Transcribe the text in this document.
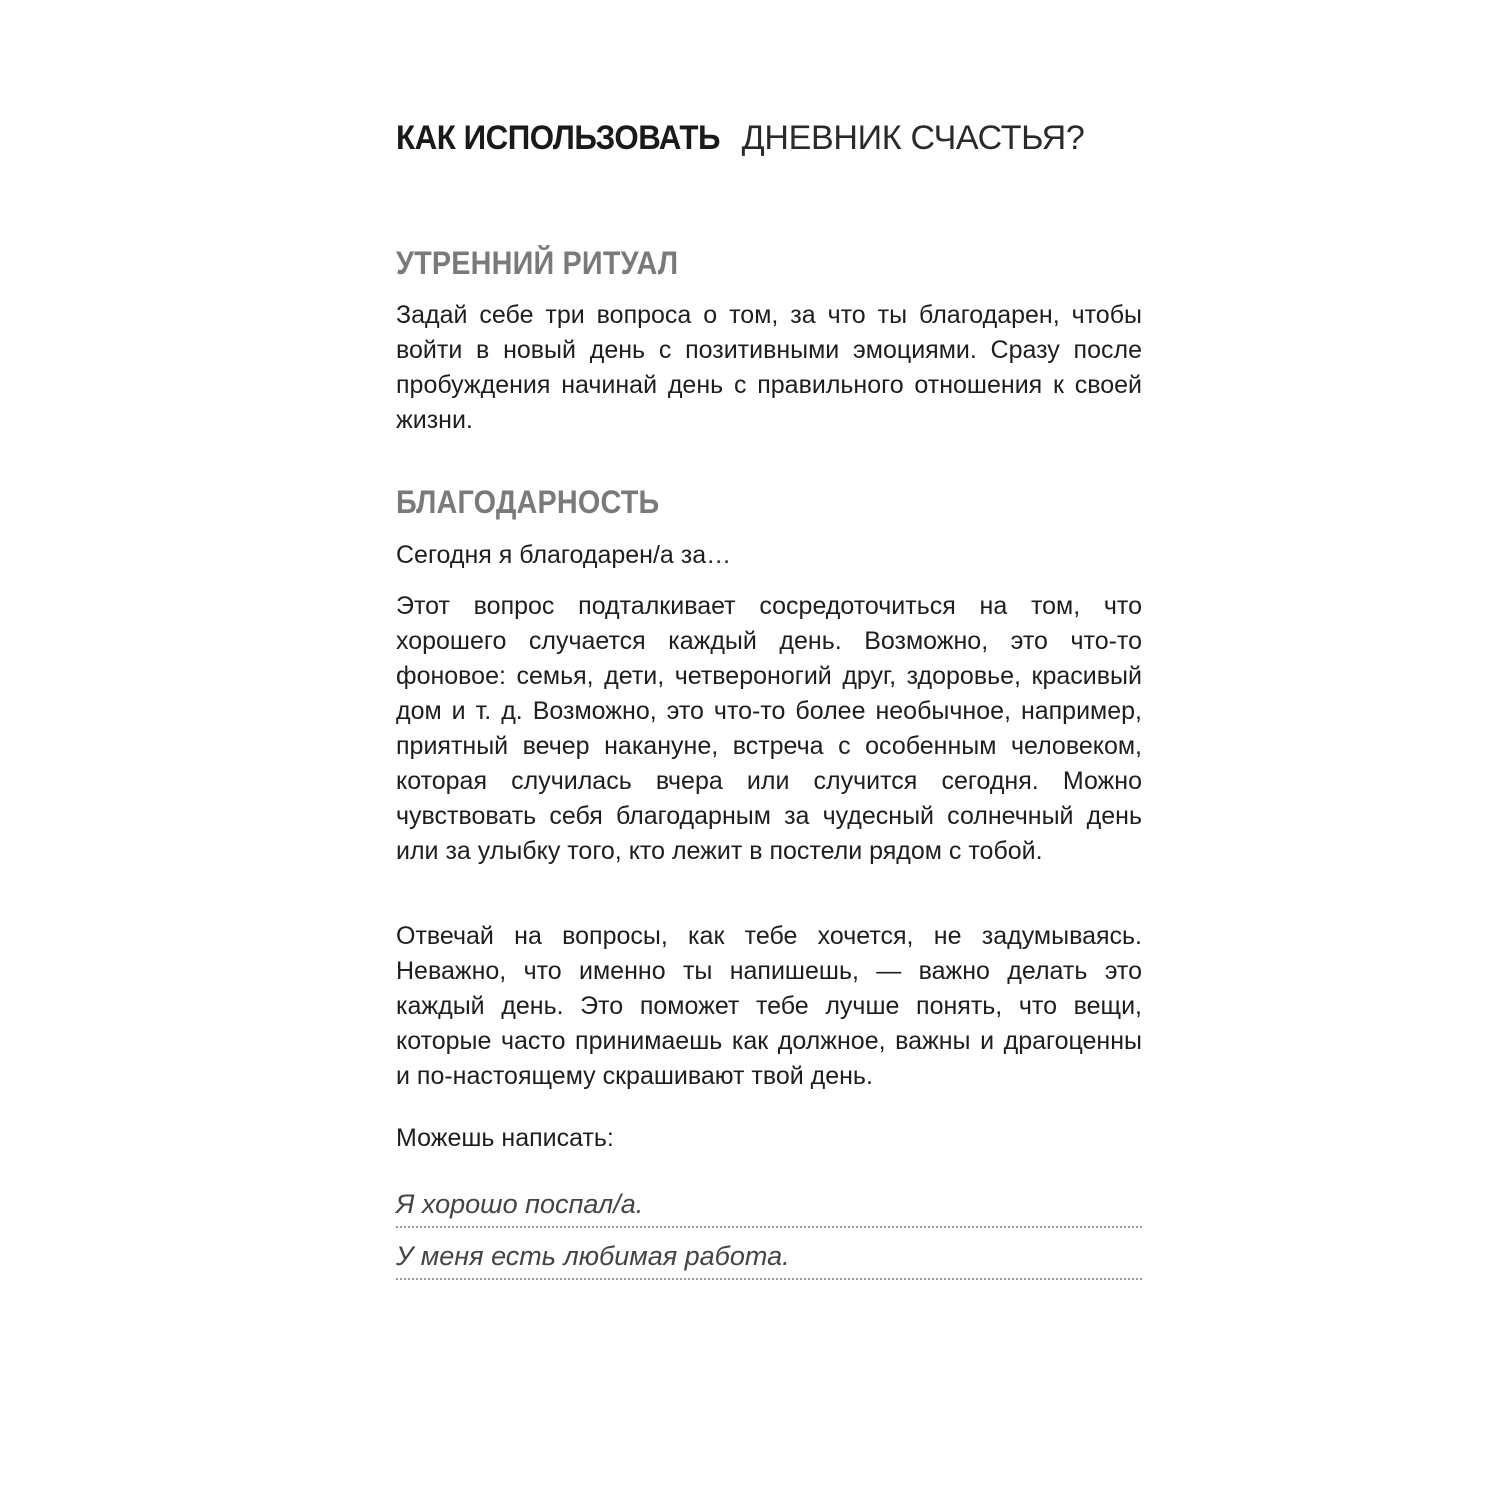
КАК ИСПОЛЬЗОВАТЬ ДНЕВНИК СЧАСТЬЯ?
УТРЕННИЙ РИТУАЛ

Задай себе три вопроса о том, за что ты благодарен, чтобы войти в новый день с позитивными эмоциями. Сразу после пробуждения начинай день с правильного отношения к своей жизни.

БЛАГОДАРНОСТЬ

Сегодня я благодарен/а за…

Этот вопрос подталкивает сосредоточиться на том, что хорошего случается каждый день. Возможно, это что-то фоновое: семья, дети, четвероногий друг, здоровье, красивый дом и т. д. Возможно, это что-то более необычное, например, приятный вечер накануне, встреча с особенным человеком, которая случилась вчера или случится сегодня. Можно чувствовать себя благодарным за чудесный солнечный день или за улыбку того, кто лежит в постели рядом с тобой.

Отвечай на вопросы, как тебе хочется, не задумываясь. Неважно, что именно ты напишешь, — важно делать это каждый день. Это поможет тебе лучше понять, что вещи, которые часто принимаешь как должное, важны и драгоценны и по-настоящему скрашивают твой день.

Можешь написать:

Я хорошо поспал/а.
У меня есть любимая работа.
